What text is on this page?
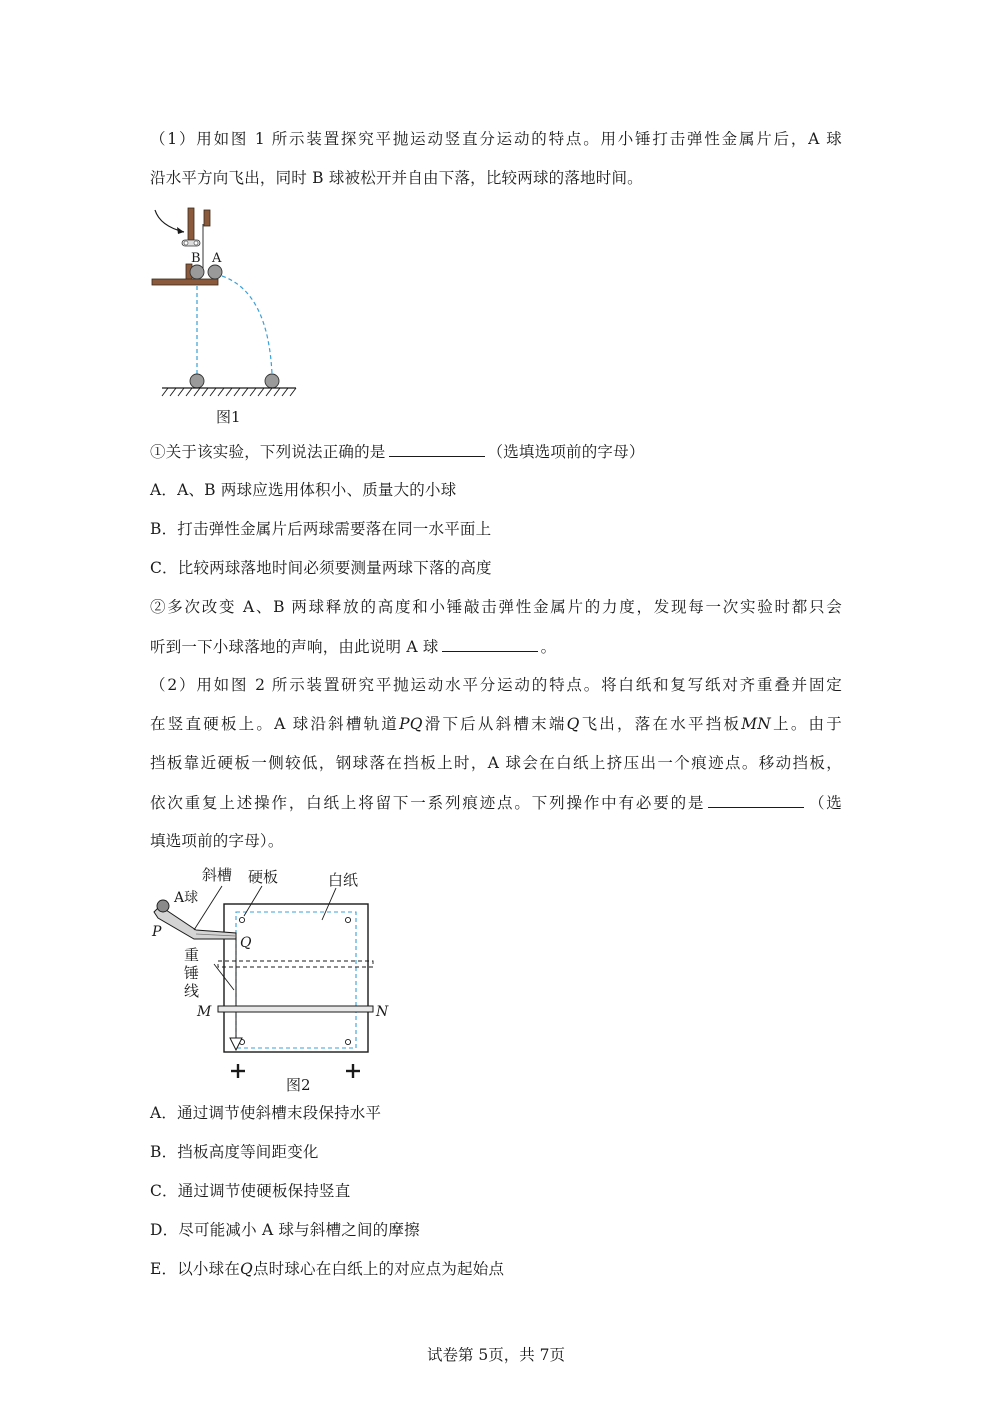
（1）用如图 1 所示装置探究平抛运动竖直分运动的特点。用小锤打击弹性金属片后，A 球
沿水平方向飞出，同时 B 球被松开并自由下落，比较两球的落地时间。
B A
图1
①关于该实验，下列说法正确的是	（选填选项前的字母）
A．A、B 两球应选用体积小、质量大的小球
B．打击弹性金属片后两球需要落在同一水平面上
C．比较两球落地时间必须要测量两球下落的高度
②多次改变 A、B 两球释放的高度和小锤敲击弹性金属片的力度，发现每一次实验时都只会
听到一下小球落地的声响，由此说明 A 球	。
（2）用如图 2 所示装置研究平抛运动水平分运动的特点。将白纸和复写纸对齐重叠并固定
在竖直硬板上。A 球沿斜槽轨道PQ滑下后从斜槽末端Q飞出，落在水平挡板MN上。由于
挡板靠近硬板一侧较低，钢球落在挡板上时，A 球会在白纸上挤压出一个痕迹点。移动挡板，
依次重复上述操作，白纸上将留下一系列痕迹点。下列操作中有必要的是	（选
填选项前的字母）。
斜槽 硬板	白纸
A球
P
Q
重
锤
线
M	N
图2
A．通过调节使斜槽末段保持水平
B．挡板高度等间距变化
C．通过调节使硬板保持竖直
D．尽可能减小 A 球与斜槽之间的摩擦
E．以小球在Q点时球心在白纸上的对应点为起始点
试卷第 5页，共 7页
